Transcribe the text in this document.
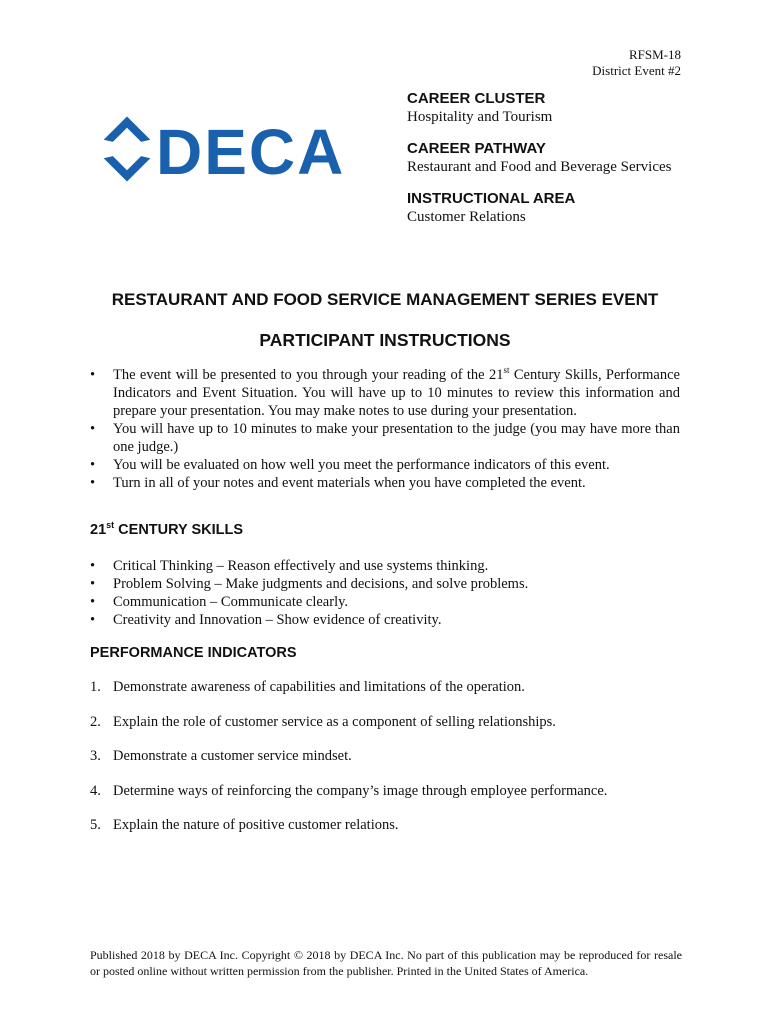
RFSM-18
District Event #2
DECA
CAREER CLUSTER
Hospitality and Tourism
CAREER PATHWAY
Restaurant and Food and Beverage Services
INSTRUCTIONAL AREA
Customer Relations
RESTAURANT AND FOOD SERVICE MANAGEMENT SERIES EVENT
PARTICIPANT INSTRUCTIONS
• The event will be presented to you through your reading of the 21st Century Skills, Performance Indicators and Event Situation. You will have up to 10 minutes to review this information and prepare your presentation. You may make notes to use during your presentation.
• You will have up to 10 minutes to make your presentation to the judge (you may have more than one judge.)
• You will be evaluated on how well you meet the performance indicators of this event.
• Turn in all of your notes and event materials when you have completed the event.
21st CENTURY SKILLS
• Critical Thinking – Reason effectively and use systems thinking.
• Problem Solving – Make judgments and decisions, and solve problems.
• Communication – Communicate clearly.
• Creativity and Innovation – Show evidence of creativity.
PERFORMANCE INDICATORS
1. Demonstrate awareness of capabilities and limitations of the operation.
2. Explain the role of customer service as a component of selling relationships.
3. Demonstrate a customer service mindset.
4. Determine ways of reinforcing the company’s image through employee performance.
5. Explain the nature of positive customer relations.
Published 2018 by DECA Inc. Copyright © 2018 by DECA Inc. No part of this publication may be reproduced for resale or posted online without written permission from the publisher. Printed in the United States of America.
